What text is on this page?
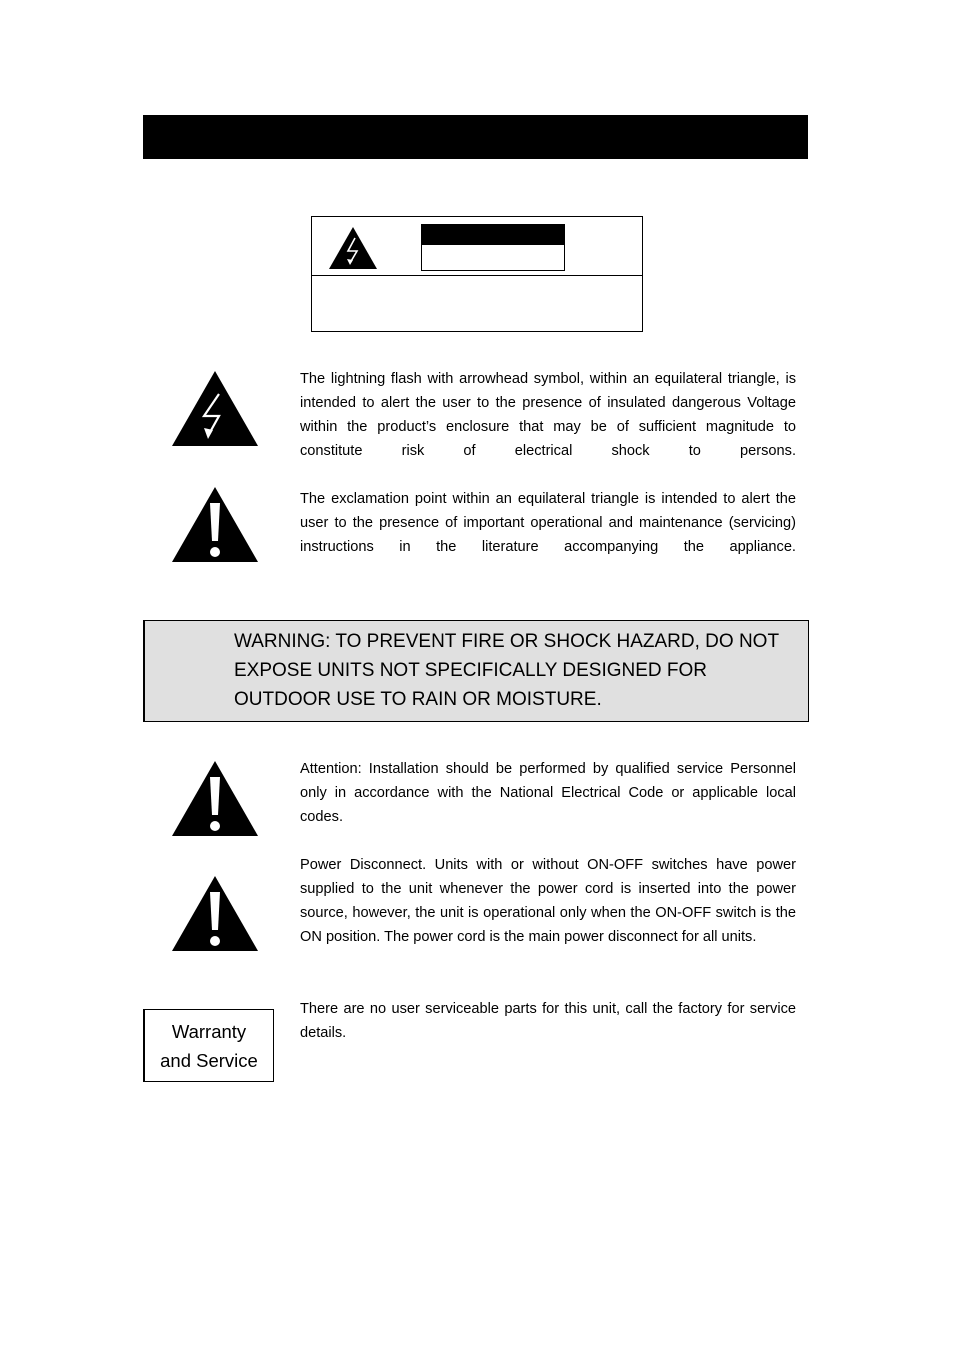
The lightning flash with arrowhead symbol, within an equilateral triangle, is intended to alert the user to the presence of insulated dangerous Voltage within the product’s enclosure that may be of sufficient magnitude to constitute risk of electrical shock to persons.
The exclamation point within an equilateral triangle is intended to alert the user to the presence of important operational and maintenance (servicing) instructions in the literature accompanying the appliance.
WARNING: TO PREVENT FIRE OR SHOCK HAZARD, DO NOT
EXPOSE UNITS NOT SPECIFICALLY DESIGNED FOR
OUTDOOR USE TO RAIN OR MOISTURE.
Attention: Installation should be performed by qualified service Personnel only in accordance with the National Electrical Code or applicable local codes.
Power Disconnect. Units with or without ON-OFF switches have power supplied to the unit whenever the power cord is inserted into the power source, however, the unit is operational only when the ON-OFF switch is the ON position. The power cord is the main power disconnect for all units.
Warranty
and Service
There are no user serviceable parts for this unit, call the factory for service details.
